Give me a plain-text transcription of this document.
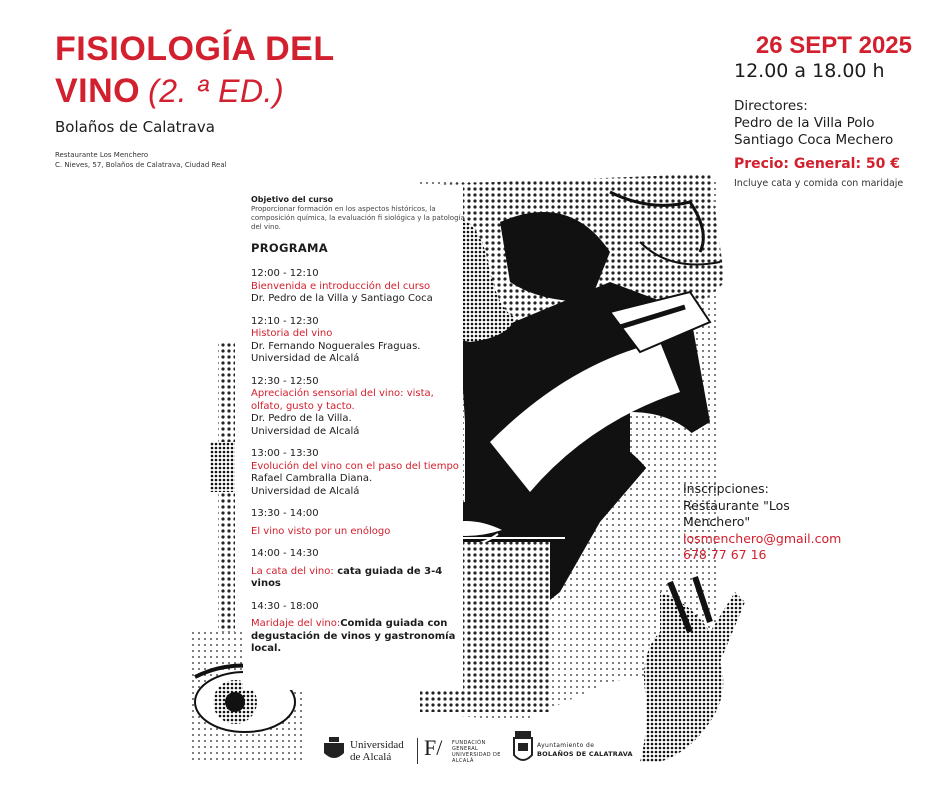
FISIOLOGÍA DEL
VINO (2. ª ED.)
Bolaños de Calatrava
Restaurante Los Menchero
C. Nieves, 57, Bolaños de Calatrava, Ciudad Real
26 SEPT 2025
12.00 a 18.00 h
Directores:
Pedro de la Villa Polo
Santiago Coca Mechero
Precio: General: 50 €
Incluye cata y comida con maridaje
Objetivo del curso
Proporcionar formación en los aspectos históricos, la composición química, la evaluación fi siológica y la patología del vino.
PROGRAMA
12:00 - 12:10
Bienvenida e introducción del curso
Dr. Pedro de la Villa y Santiago Coca
12:10 - 12:30
Historia del vino
Dr. Fernando Noguerales Fraguas.
Universidad de Alcalá
12:30 - 12:50
Apreciación sensorial del vino: vista, olfato, gusto y tacto.
Dr. Pedro de la Villa.
Universidad de Alcalá
13:00 - 13:30
Evolución del vino con el paso del tiempo
Rafael Cambralla Diana.
Universidad de Alcalá
13:30 - 14:00
El vino visto por un enólogo
14:00 - 14:30
La cata del vino: cata guiada de 3-4 vinos
14:30 - 18:00
Maridaje del vino:Comida guiada con degustación de vinos y gastronomía local.
Inscripciones:
Restaurante "Los Menchero"
losmenchero@gmail.com
678 77 67 16
Universidad
de Alcalá	F/ FUNDACIÓN GENERAL UNIVERSIDAD DE ALCALÁ
Ayuntamiento de
BOLAÑOS DE CALATRAVA
